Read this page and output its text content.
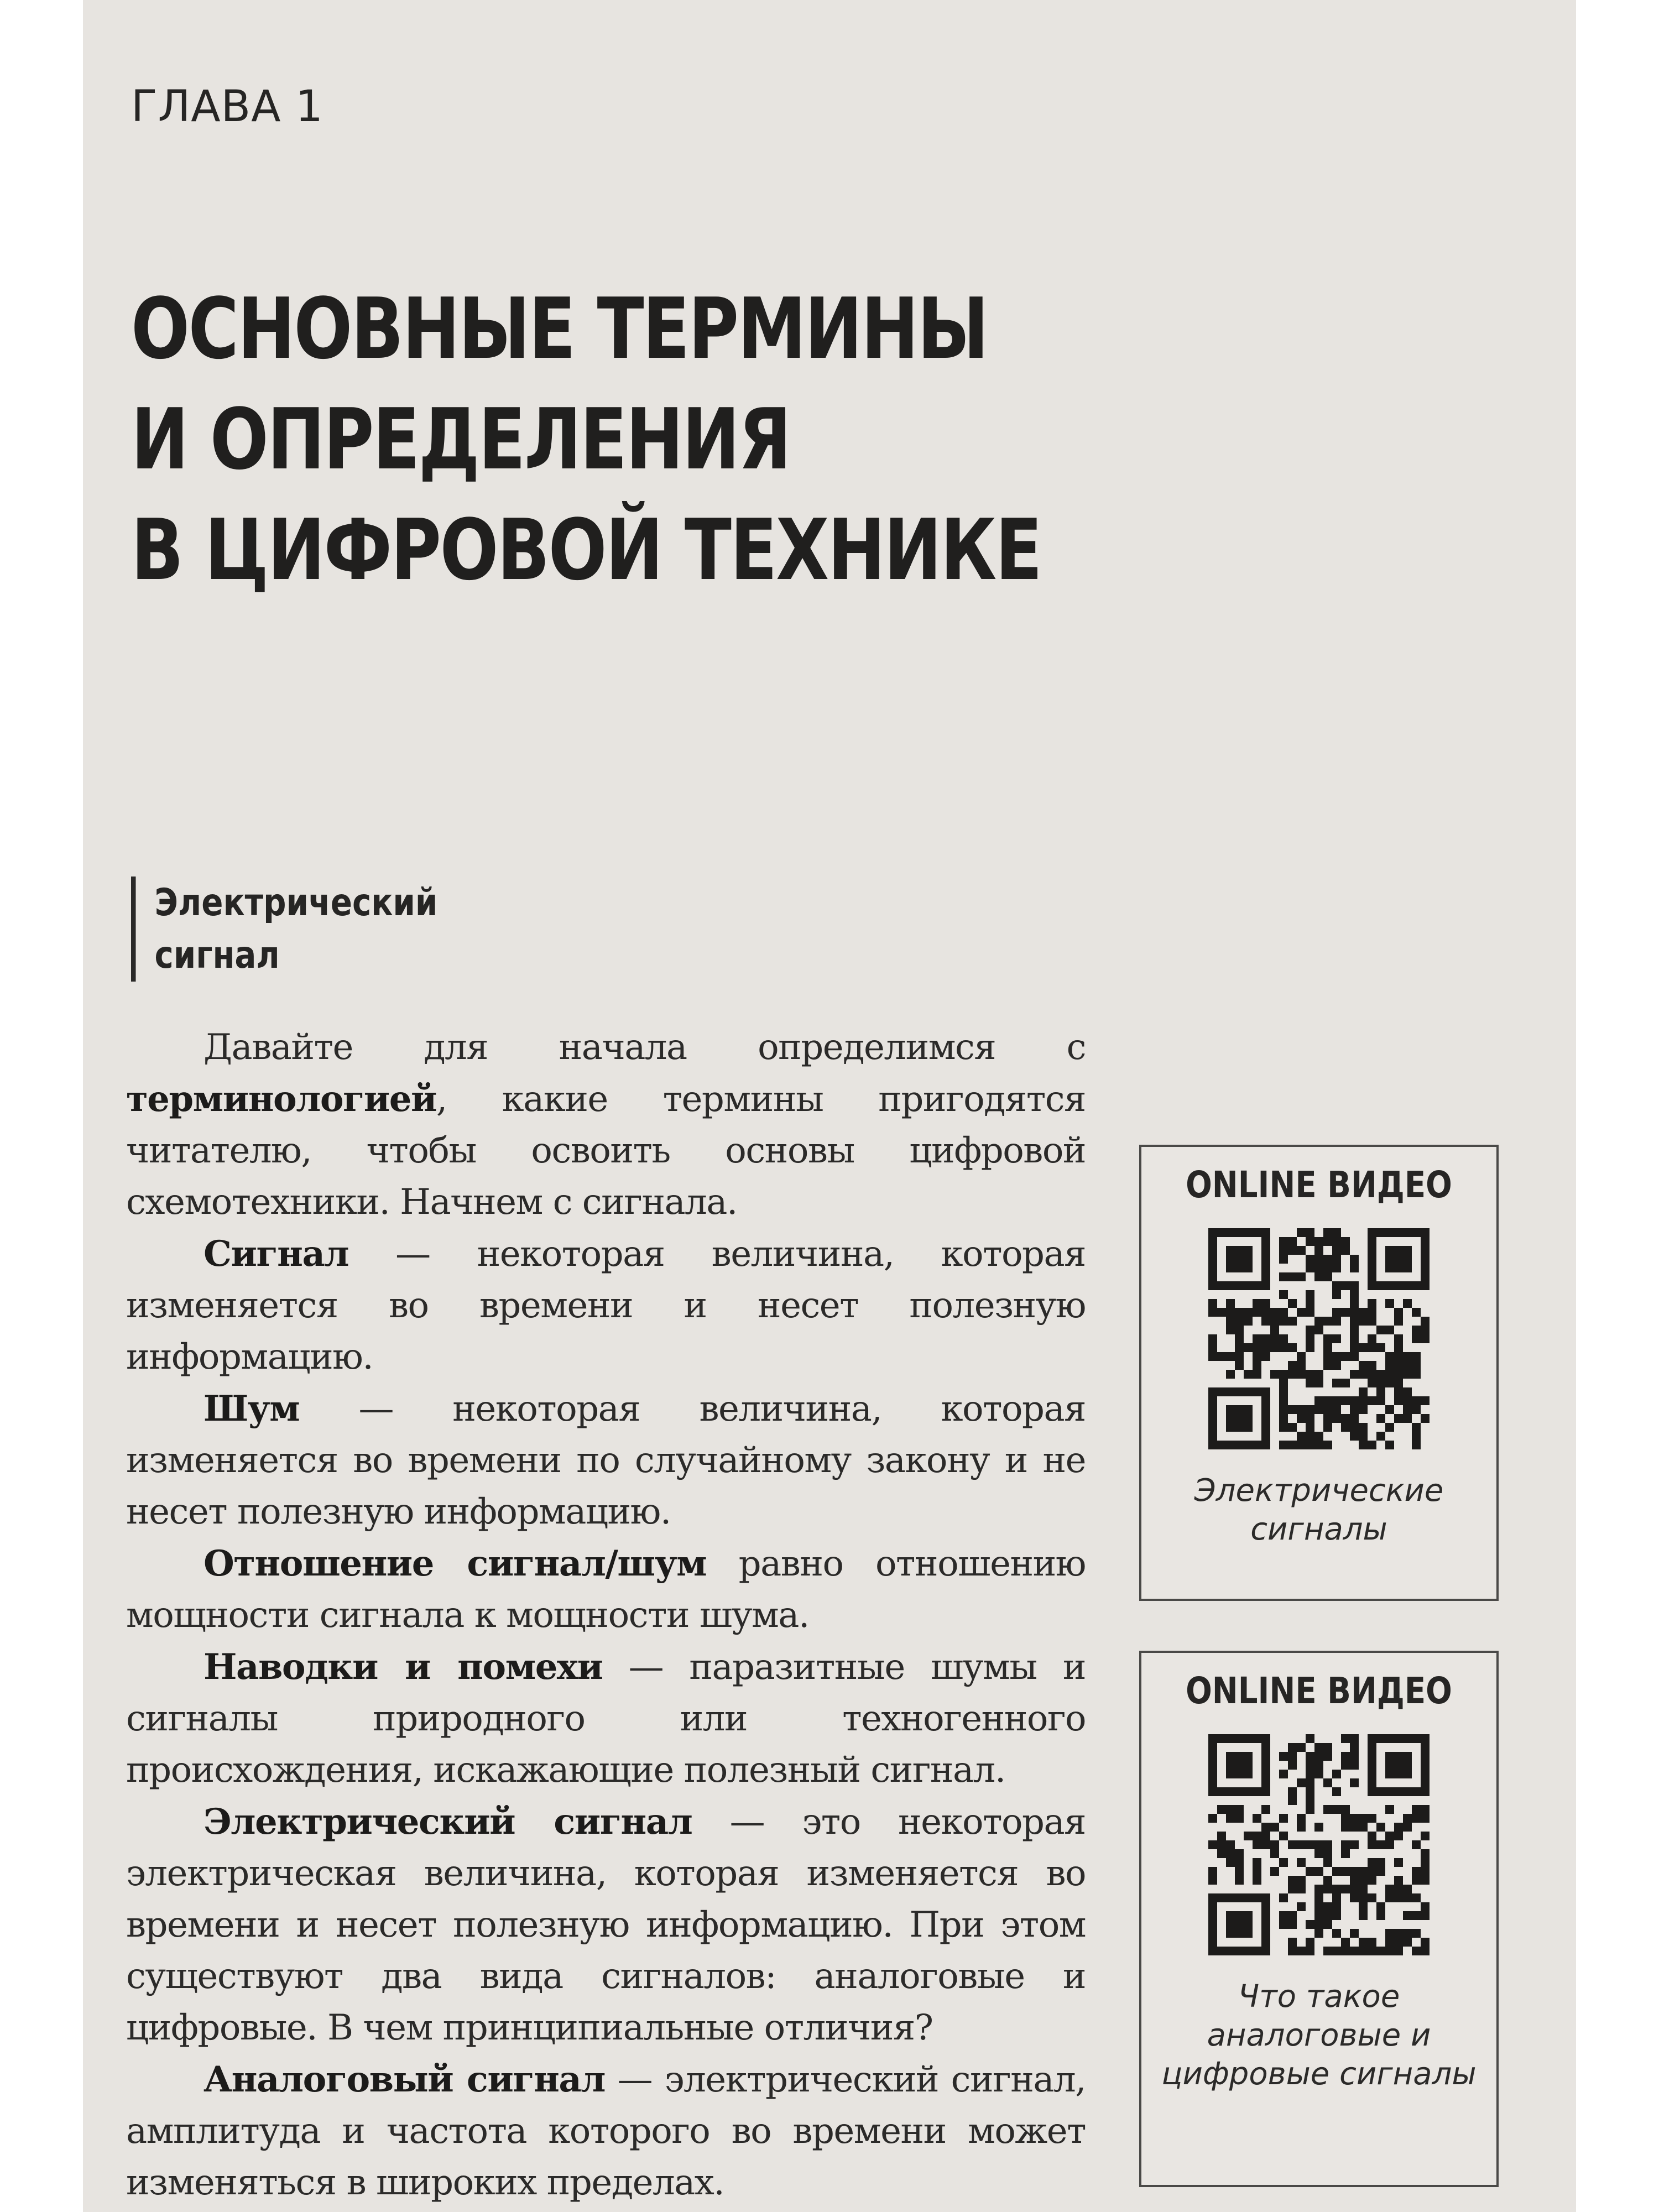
ГЛАВА 1
ОСНОВНЫЕ ТЕРМИНЫ
И ОПРЕДЕЛЕНИЯ
В ЦИФРОВОЙ ТЕХНИКЕ
Электрический
сигнал

Давайте для начала определимся с терминологией, какие термины пригодятся читателю, чтобы освоить основы цифровой схемотехники. Начнем с сигнала.

Сигнал — некоторая величина, которая изменяется во времени и несет полезную информацию.

Шум — некоторая величина, которая изменяется во времени по случайному закону и не несет полезную информацию.

Отношение сигнал/шум равно отношению мощности сигнала к мощности шума.

Наводки и помехи — паразитные шумы и сигналы природного или техногенного происхождения, искажающие полезный сигнал.

Электрический сигнал — это некоторая электрическая величина, которая изменяется во времени и несет полезную информацию. При этом существуют два вида сигналов: аналоговые и цифровые. В чем принципиальные отличия?

Аналоговый сигнал — электрический сигнал, амплитуда и частота которого во времени может изменяться в широких пределах.

ONLINE ВИДЕО
Электрические
сигналы
ONLINE ВИДЕО
Что такое
аналоговые и
цифровые сигналы
